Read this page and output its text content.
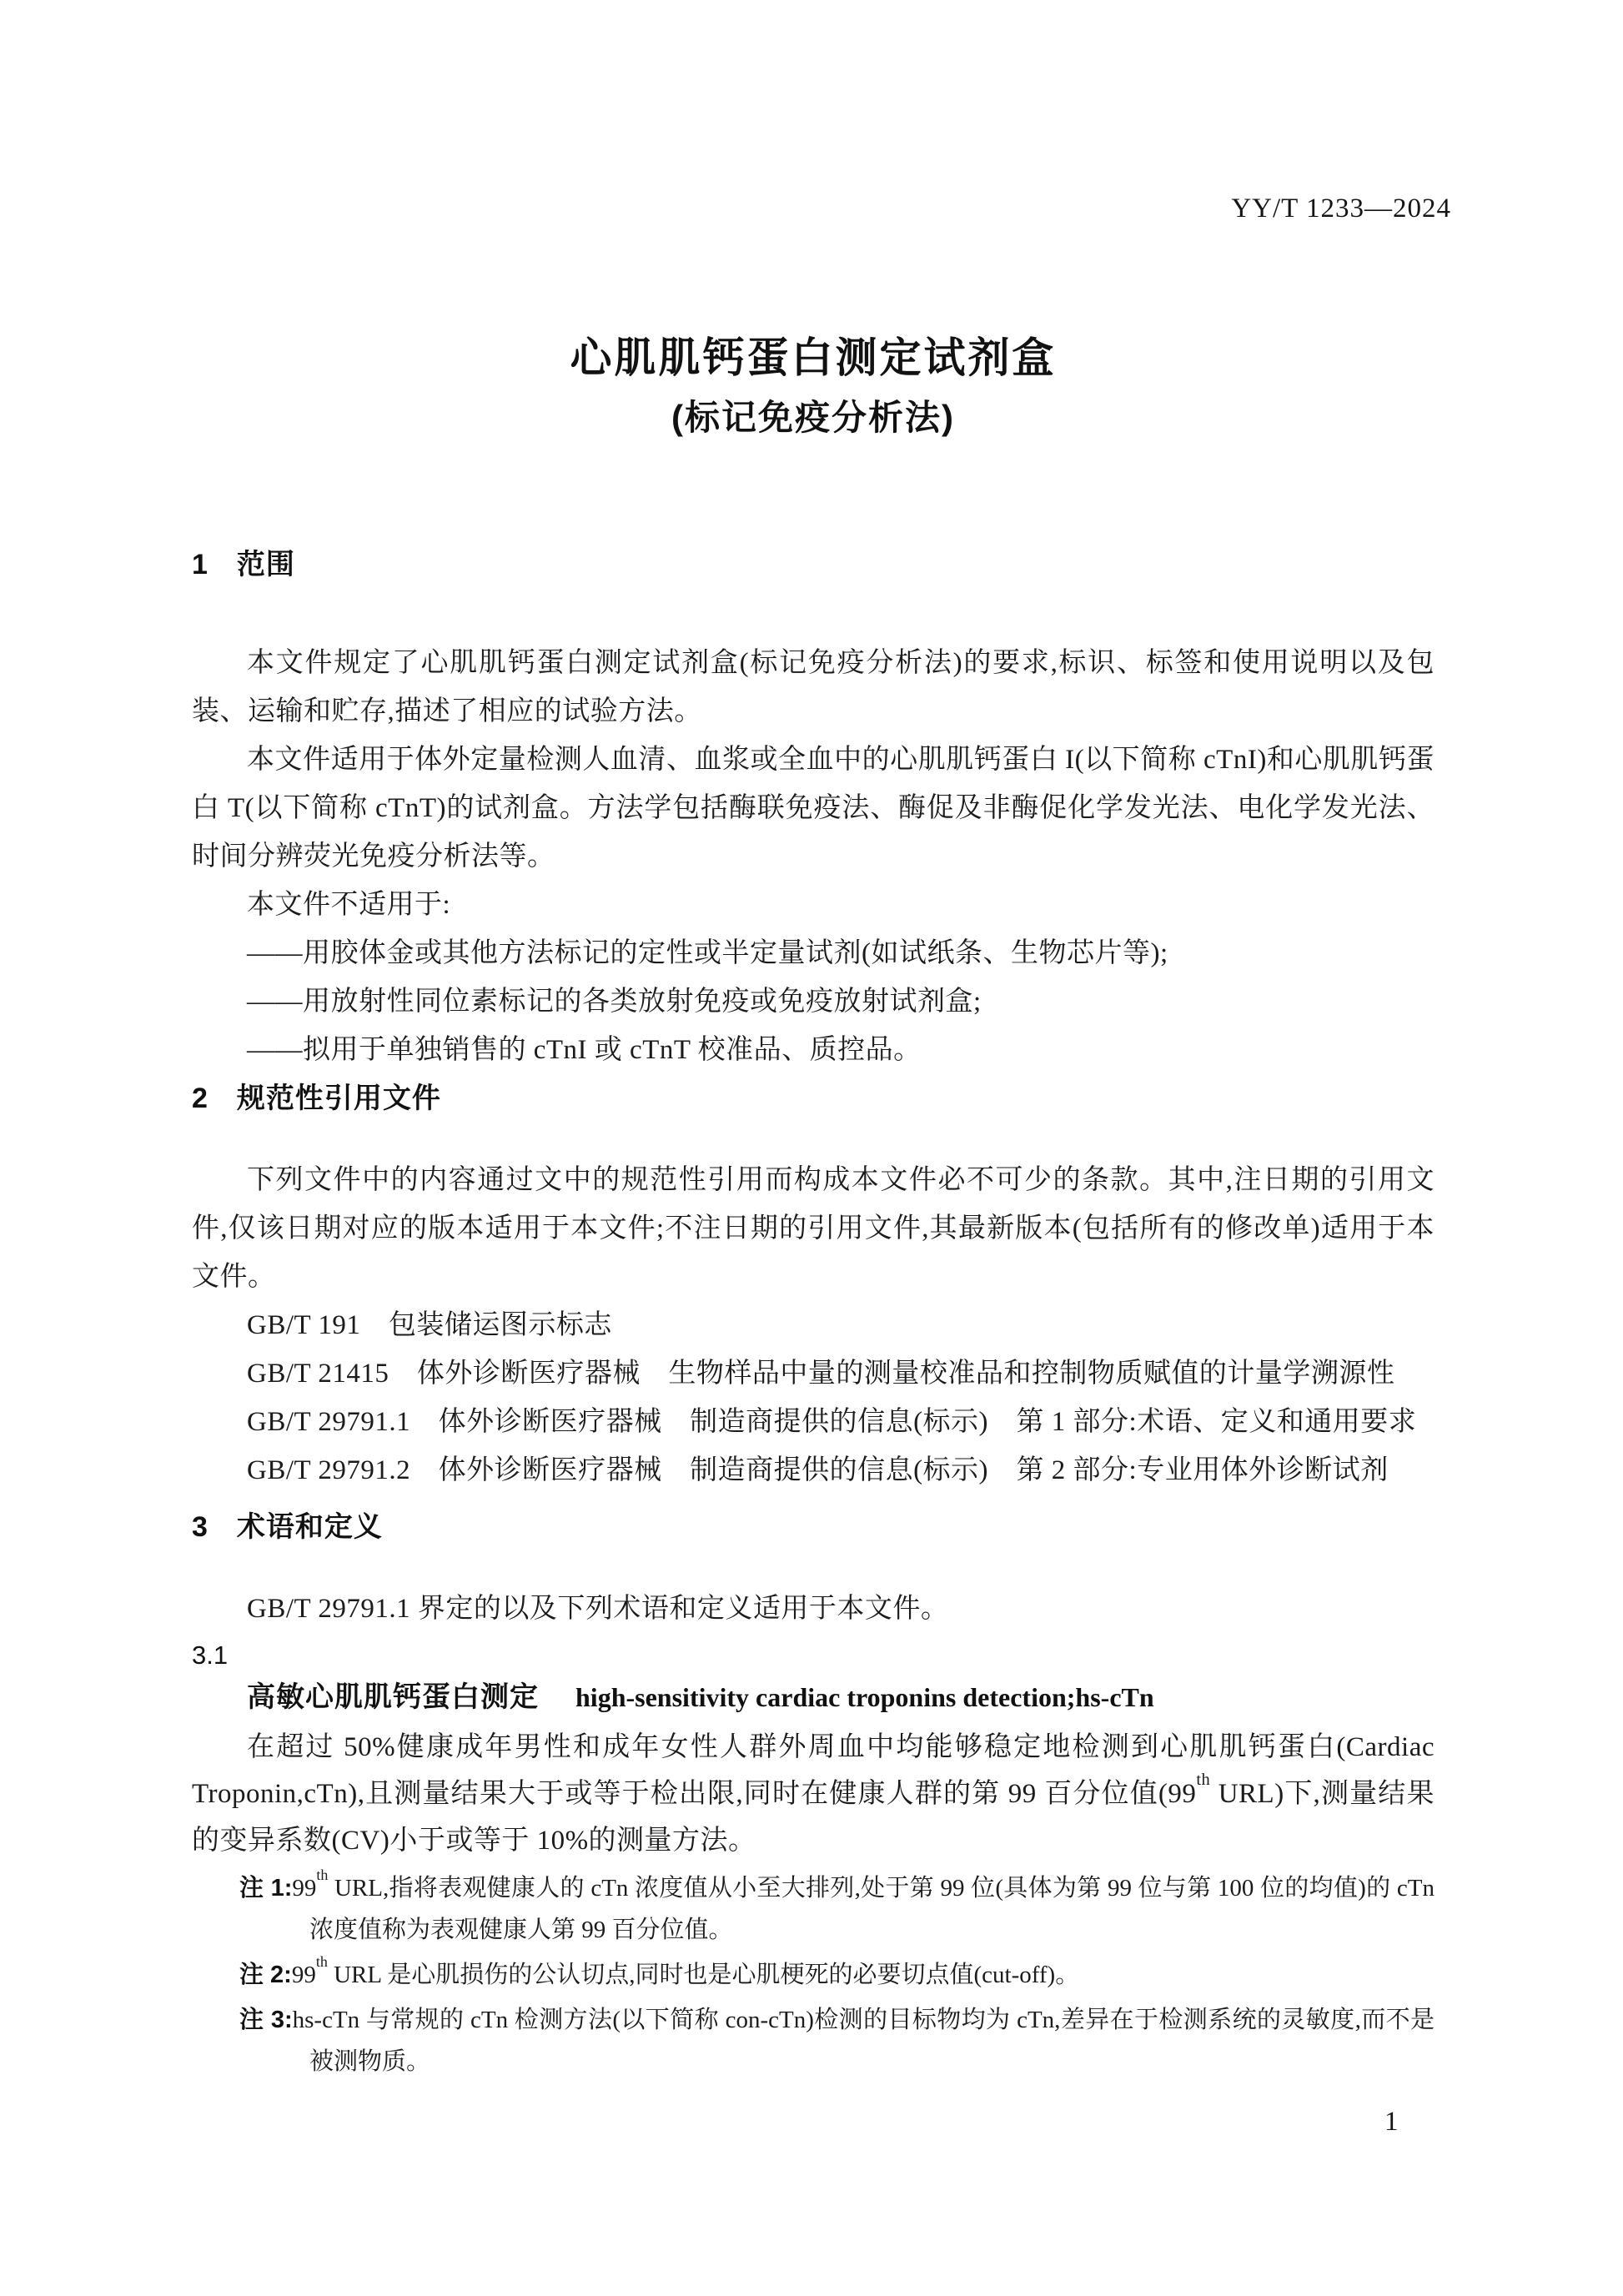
YY/T 1233—2024
心肌肌钙蛋白测定试剂盒
(标记免疫分析法)
1 范围

本文件规定了心肌肌钙蛋白测定试剂盒(标记免疫分析法)的要求,标识、标签和使用说明以及包装、运输和贮存,描述了相应的试验方法。

本文件适用于体外定量检测人血清、血浆或全血中的心肌肌钙蛋白 I(以下简称 cTnI)和心肌肌钙蛋白 T(以下简称 cTnT)的试剂盒。方法学包括酶联免疫法、酶促及非酶促化学发光法、电化学发光法、时间分辨荧光免疫分析法等。

本文件不适用于:

——用胶体金或其他方法标记的定性或半定量试剂(如试纸条、生物芯片等);

——用放射性同位素标记的各类放射免疫或免疫放射试剂盒;

——拟用于单独销售的 cTnI 或 cTnT 校准品、质控品。

2 规范性引用文件

下列文件中的内容通过文中的规范性引用而构成本文件必不可少的条款。其中,注日期的引用文件,仅该日期对应的版本适用于本文件;不注日期的引用文件,其最新版本(包括所有的修改单)适用于本文件。

GB/T 191　包装储运图示标志

GB/T 21415　体外诊断医疗器械　生物样品中量的测量校准品和控制物质赋值的计量学溯源性

GB/T 29791.1　体外诊断医疗器械　制造商提供的信息(标示)　第 1 部分:术语、定义和通用要求

GB/T 29791.2　体外诊断医疗器械　制造商提供的信息(标示)　第 2 部分:专业用体外诊断试剂

3 术语和定义

GB/T 29791.1 界定的以及下列术语和定义适用于本文件。

3.1

高敏心肌肌钙蛋白测定 high-sensitivity cardiac troponins detection;hs-cTn

在超过 50%健康成年男性和成年女性人群外周血中均能够稳定地检测到心肌肌钙蛋白(Cardiac Troponin,cTn),且测量结果大于或等于检出限,同时在健康人群的第 99 百分位值(99th URL)下,测量结果的变异系数(CV)小于或等于 10%的测量方法。

注 1:99th URL,指将表观健康人的 cTn 浓度值从小至大排列,处于第 99 位(具体为第 99 位与第 100 位的均值)的 cTn 浓度值称为表观健康人第 99 百分位值。
注 2:99th URL 是心肌损伤的公认切点,同时也是心肌梗死的必要切点值(cut-off)。
注 3:hs-cTn 与常规的 cTn 检测方法(以下简称 con-cTn)检测的目标物均为 cTn,差异在于检测系统的灵敏度,而不是被测物质。
1
